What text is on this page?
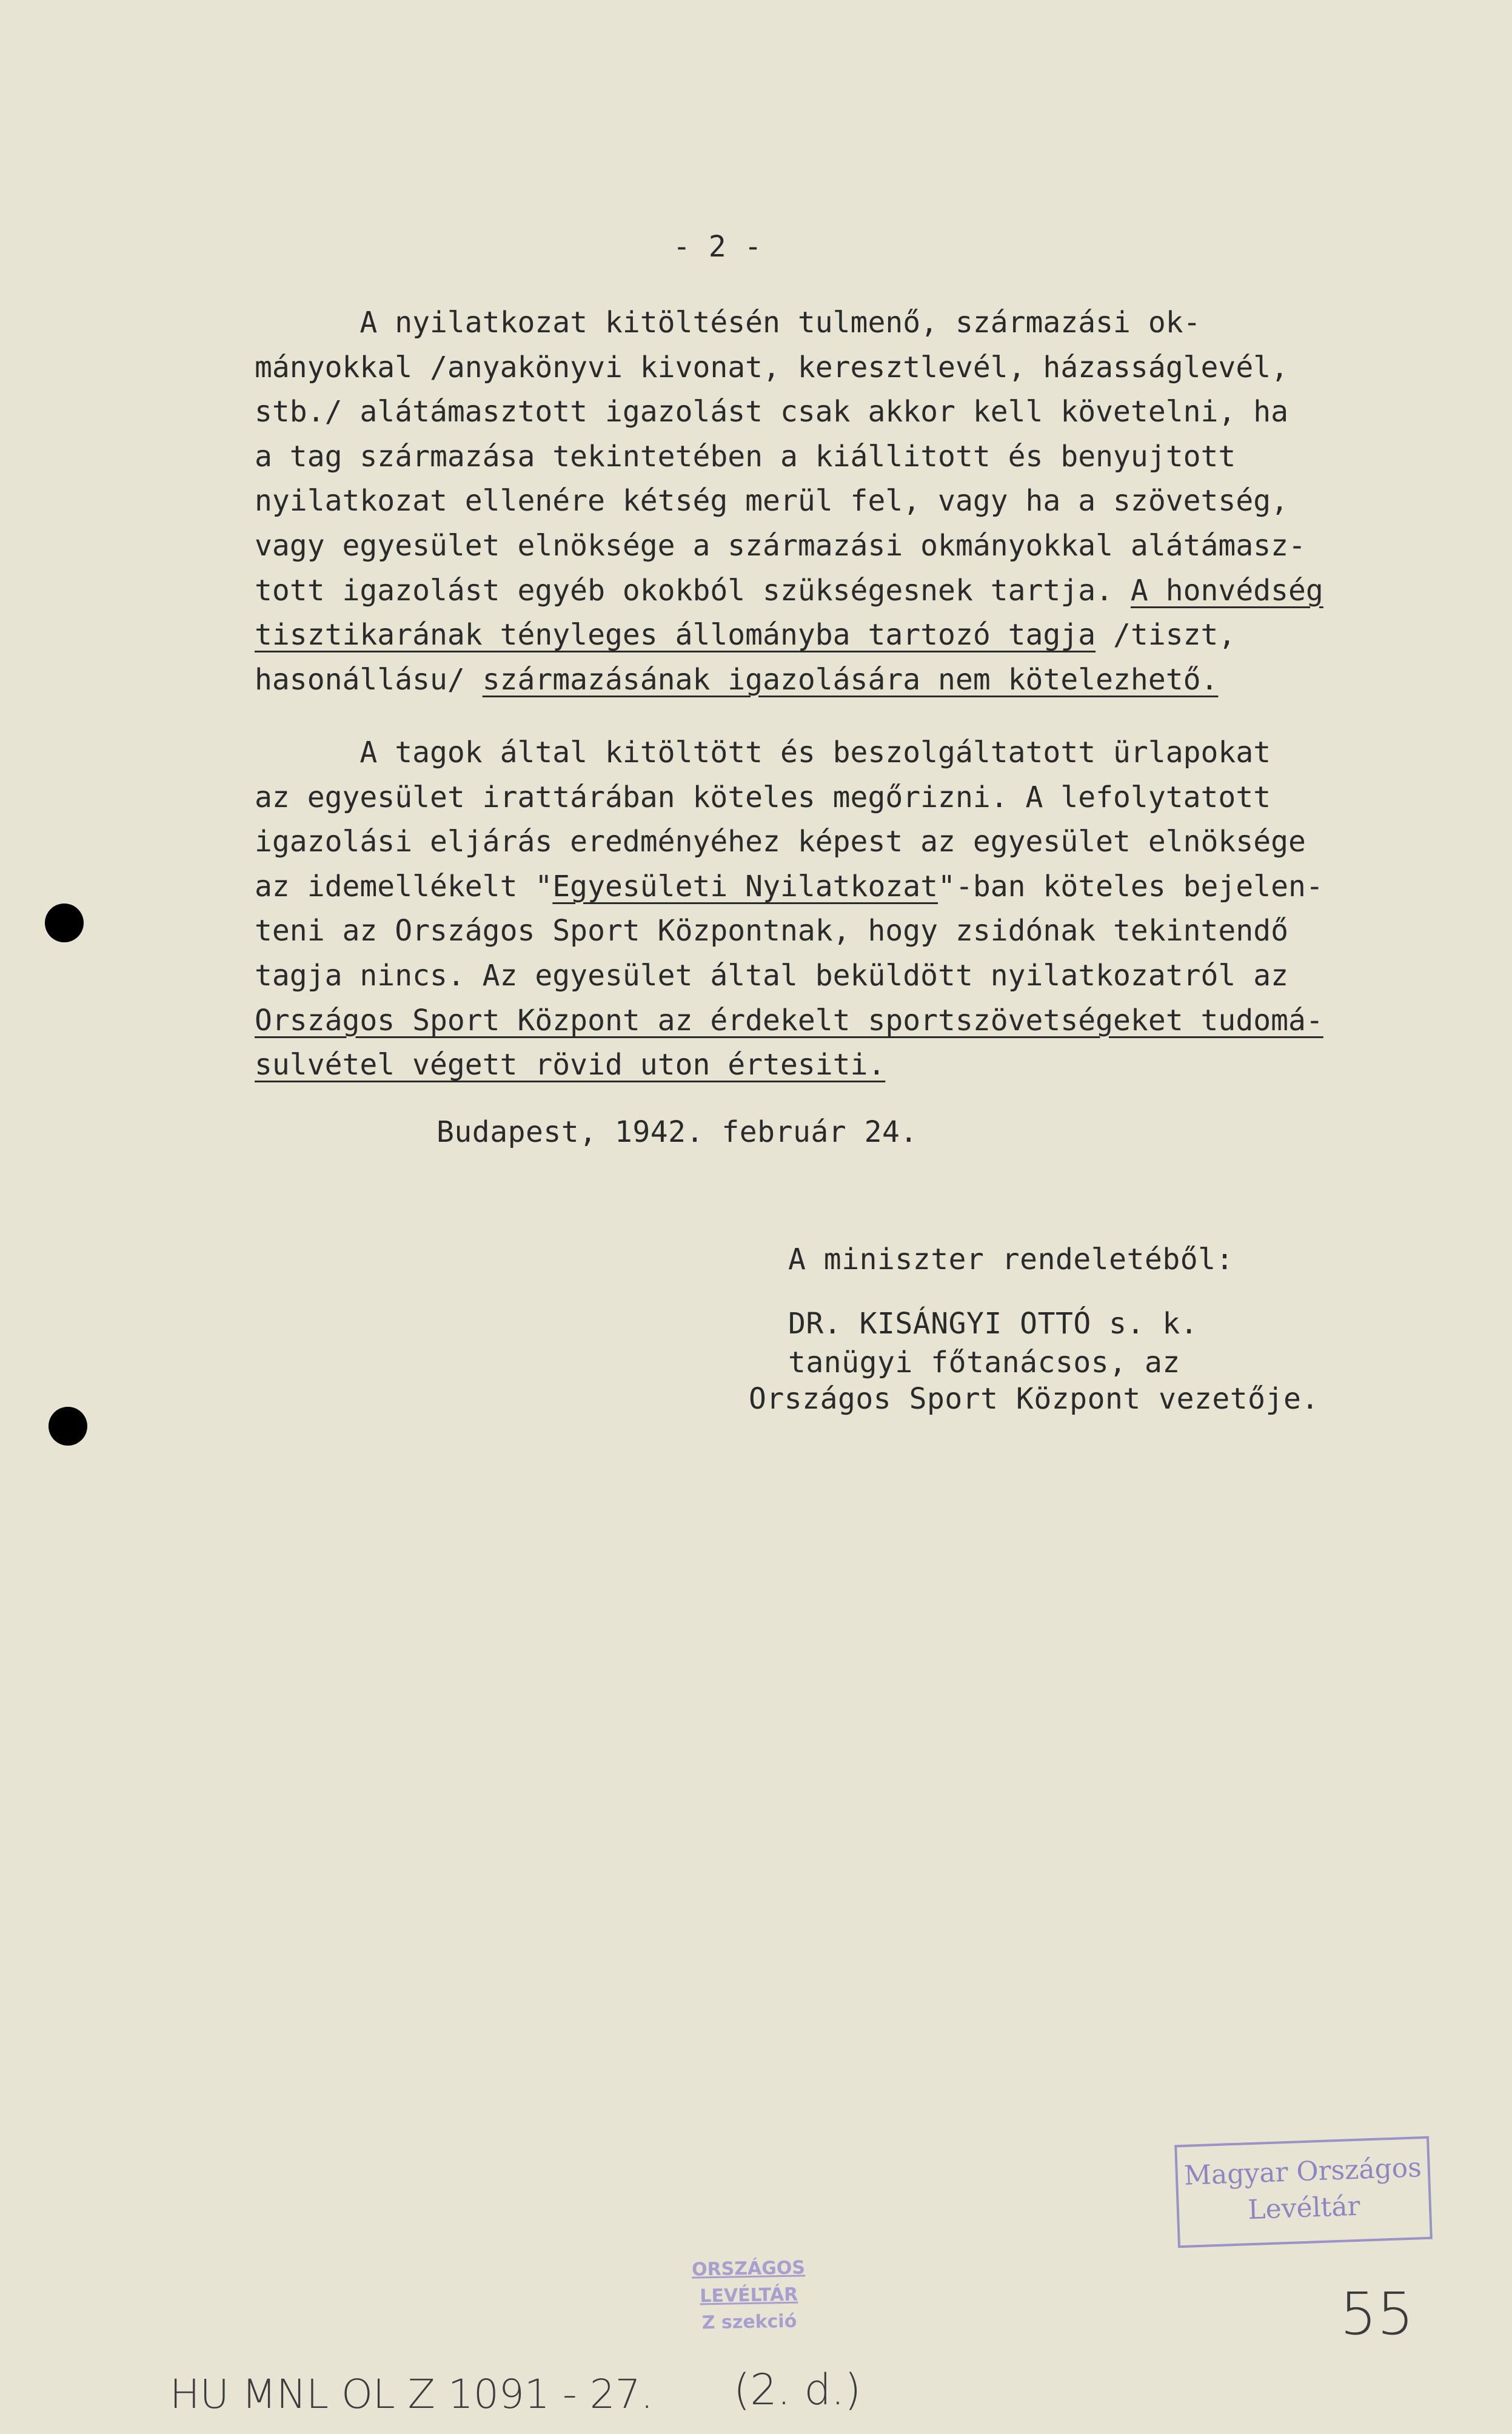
- 2 -
A nyilatkozat kitöltésén tulmenő, származási ok-
mányokkal /anyakönyvi kivonat, keresztlevél, házasságlevél,
stb./ alátámasztott igazolást csak akkor kell követelni, ha
a tag származása tekintetében a kiállitott és benyujtott
nyilatkozat ellenére kétség merül fel, vagy ha a szövetség,
vagy egyesület elnöksége a származási okmányokkal alátámasz-
tott igazolást egyéb okokból szükségesnek tartja. A honvédség
tisztikarának tényleges állományba tartozó tagja /tiszt,
hasonállásu/ származásának igazolására nem kötelezhető.
A tagok által kitöltött és beszolgáltatott ürlapokat
az egyesület irattárában köteles megőrizni. A lefolytatott
igazolási eljárás eredményéhez képest az egyesület elnöksége
az idemellékelt "Egyesületi Nyilatkozat"-ban köteles bejelen-
teni az Országos Sport Központnak, hogy zsidónak tekintendő
tagja nincs. Az egyesület által beküldött nyilatkozatról az
Országos Sport Központ az érdekelt sportszövetségeket tudomá-
sulvétel végett rövid uton értesiti.
Budapest, 1942. február 24.
A miniszter rendeletéből:
DR. KISÁNGYI OTTÓ s. k.
tanügyi főtanácsos, az
Országos Sport Központ vezetője.
Magyar Országos
Levéltár
ORSZÁGOS LEVÉLTÁR
Z szekció	55
HU MNL OL Z 1091 - 27. (2. d.)
